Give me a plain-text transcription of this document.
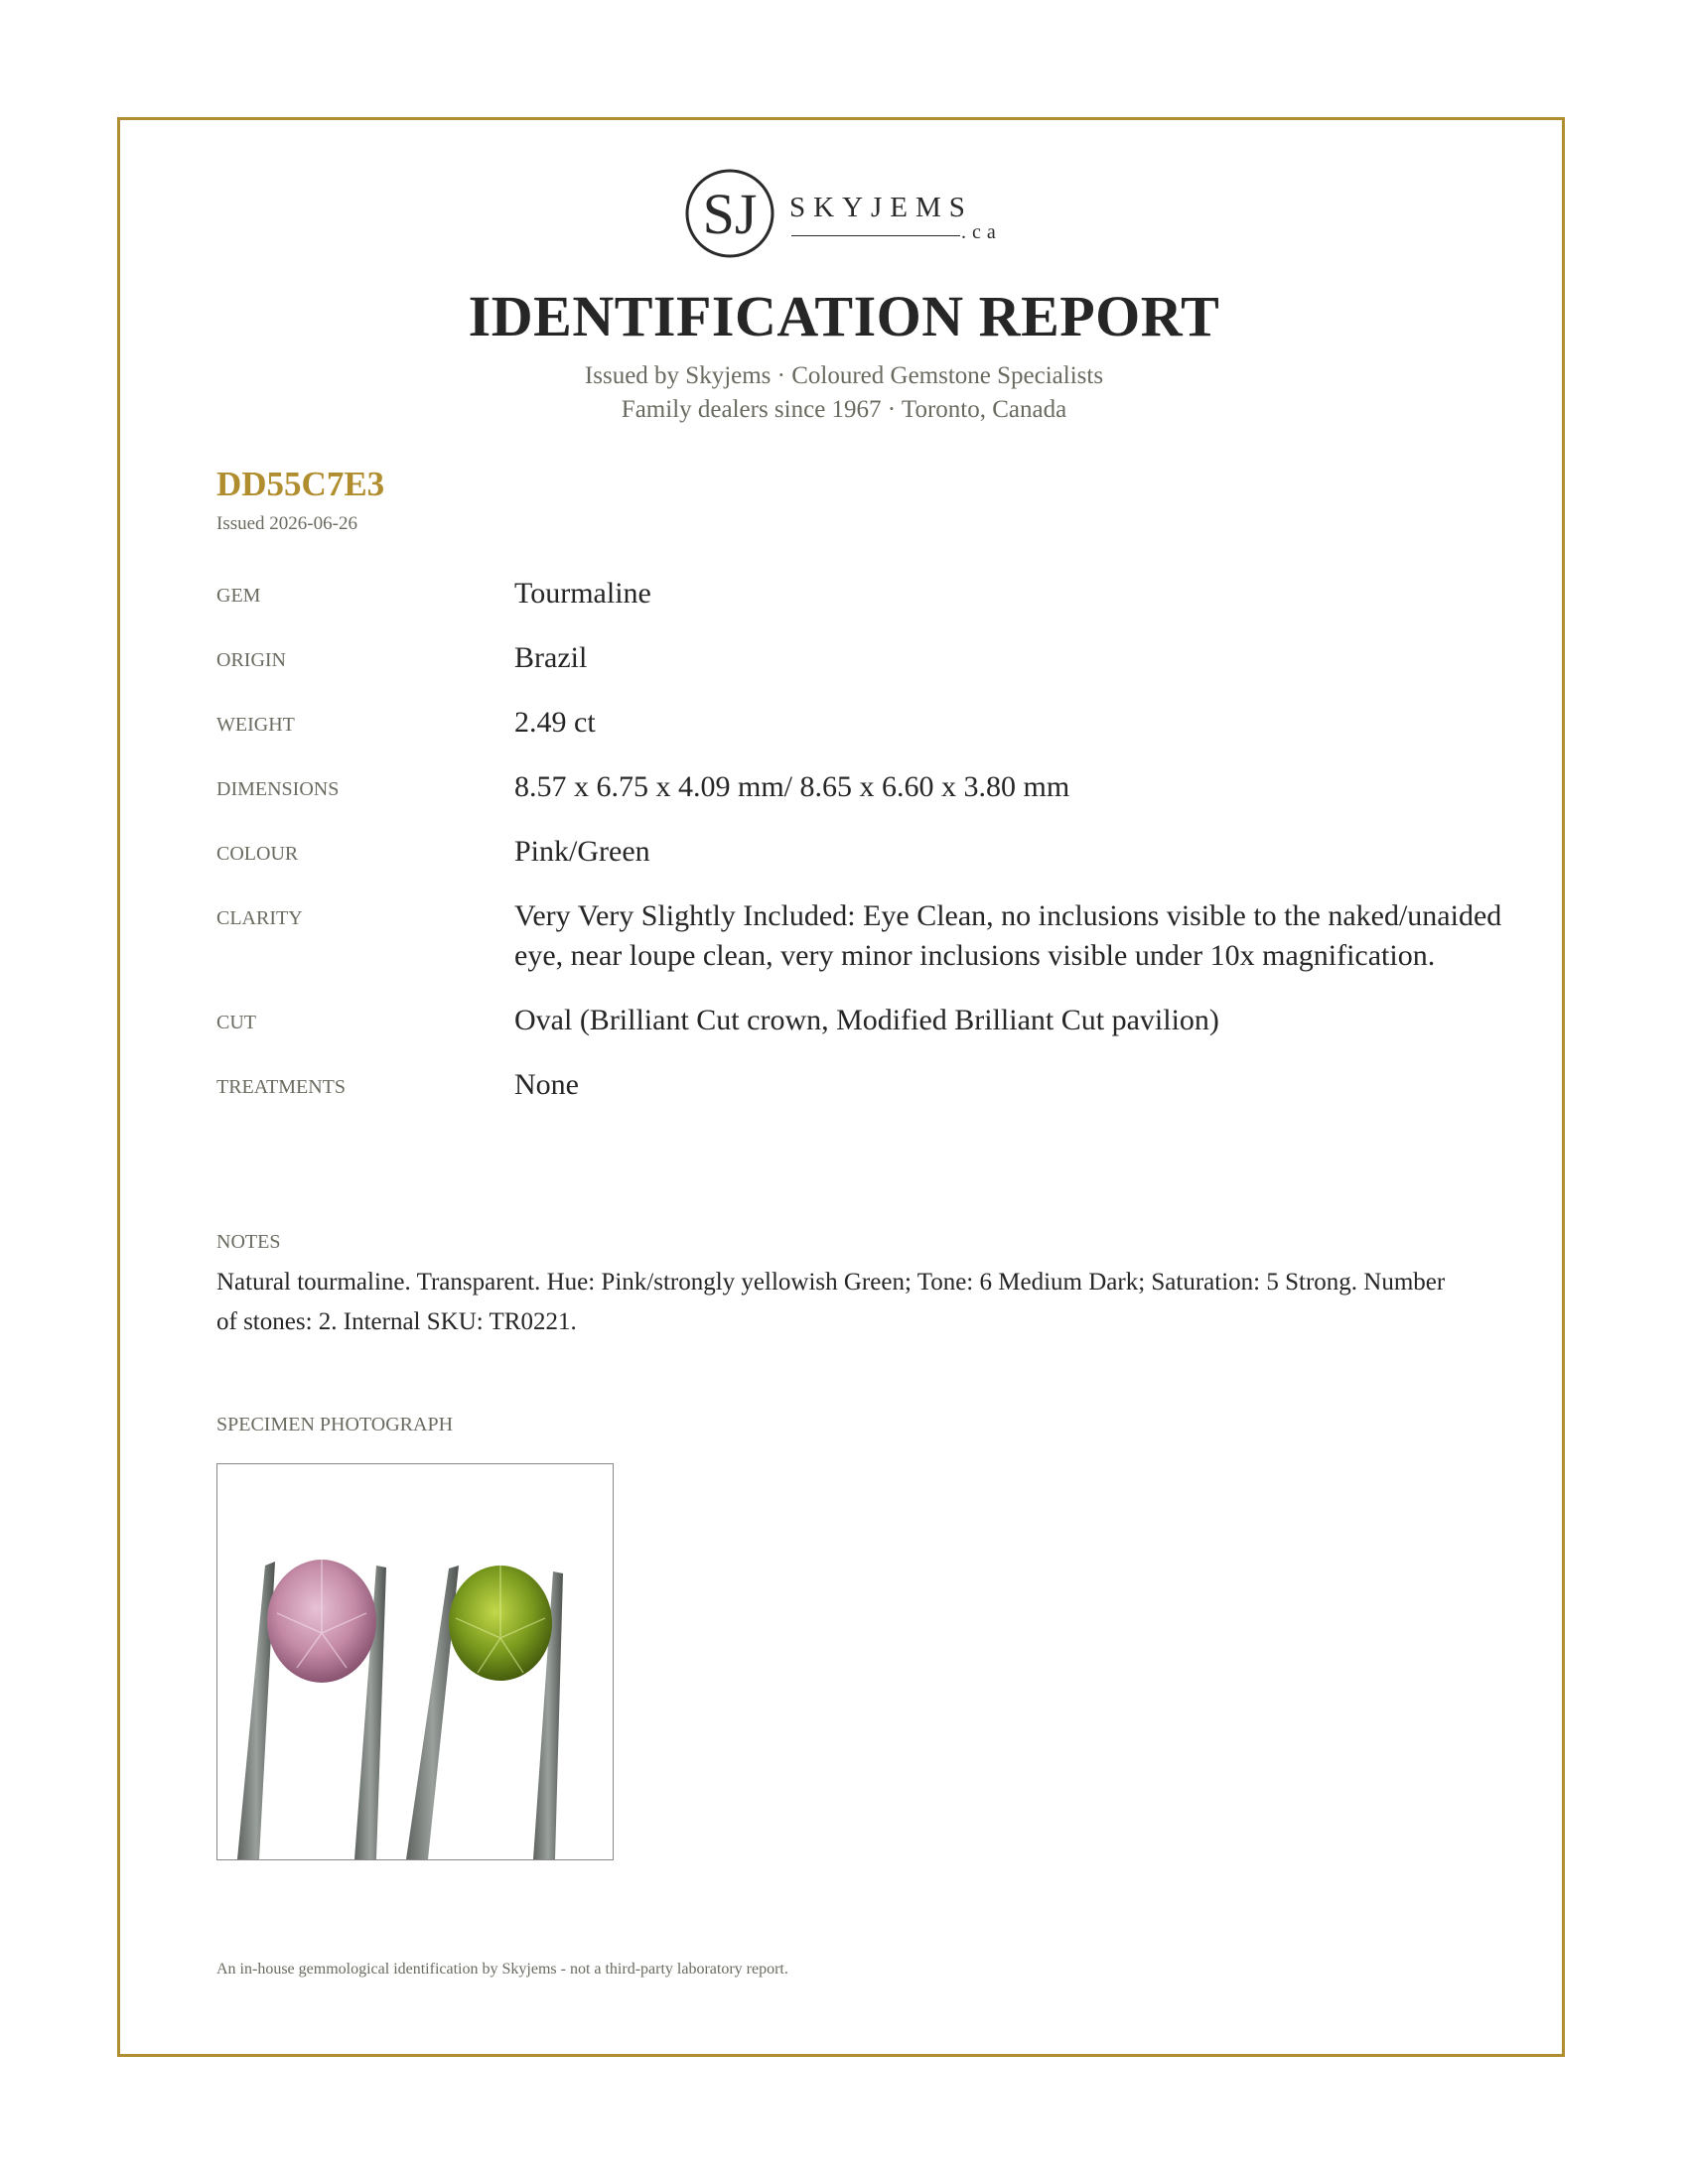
SJ SKYJEMS
.ca
IDENTIFICATION REPORT
Issued by Skyjems · Coloured Gemstone Specialists
Family dealers since 1967 · Toronto, Canada
DD55C7E3
Issued 2026-06-26
GEM	Tourmaline
ORIGIN	Brazil
WEIGHT	2.49 ct
DIMENSIONS	8.57 x 6.75 x 4.09 mm/ 8.65 x 6.60 x 3.80 mm
COLOUR	Pink/Green
CLARITY	Very Very Slightly Included: Eye Clean, no inclusions visible to the naked/unaided eye, near loupe clean, very minor inclusions visible under 10x magnification.
CUT	Oval (Brilliant Cut crown, Modified Brilliant Cut pavilion)
TREATMENTS	None
NOTES
Natural tourmaline. Transparent. Hue: Pink/strongly yellowish Green; Tone: 6 Medium Dark; Saturation: 5 Strong. Number of stones: 2. Internal SKU: TR0221.
SPECIMEN PHOTOGRAPH
An in-house gemmological identification by Skyjems - not a third-party laboratory report.
